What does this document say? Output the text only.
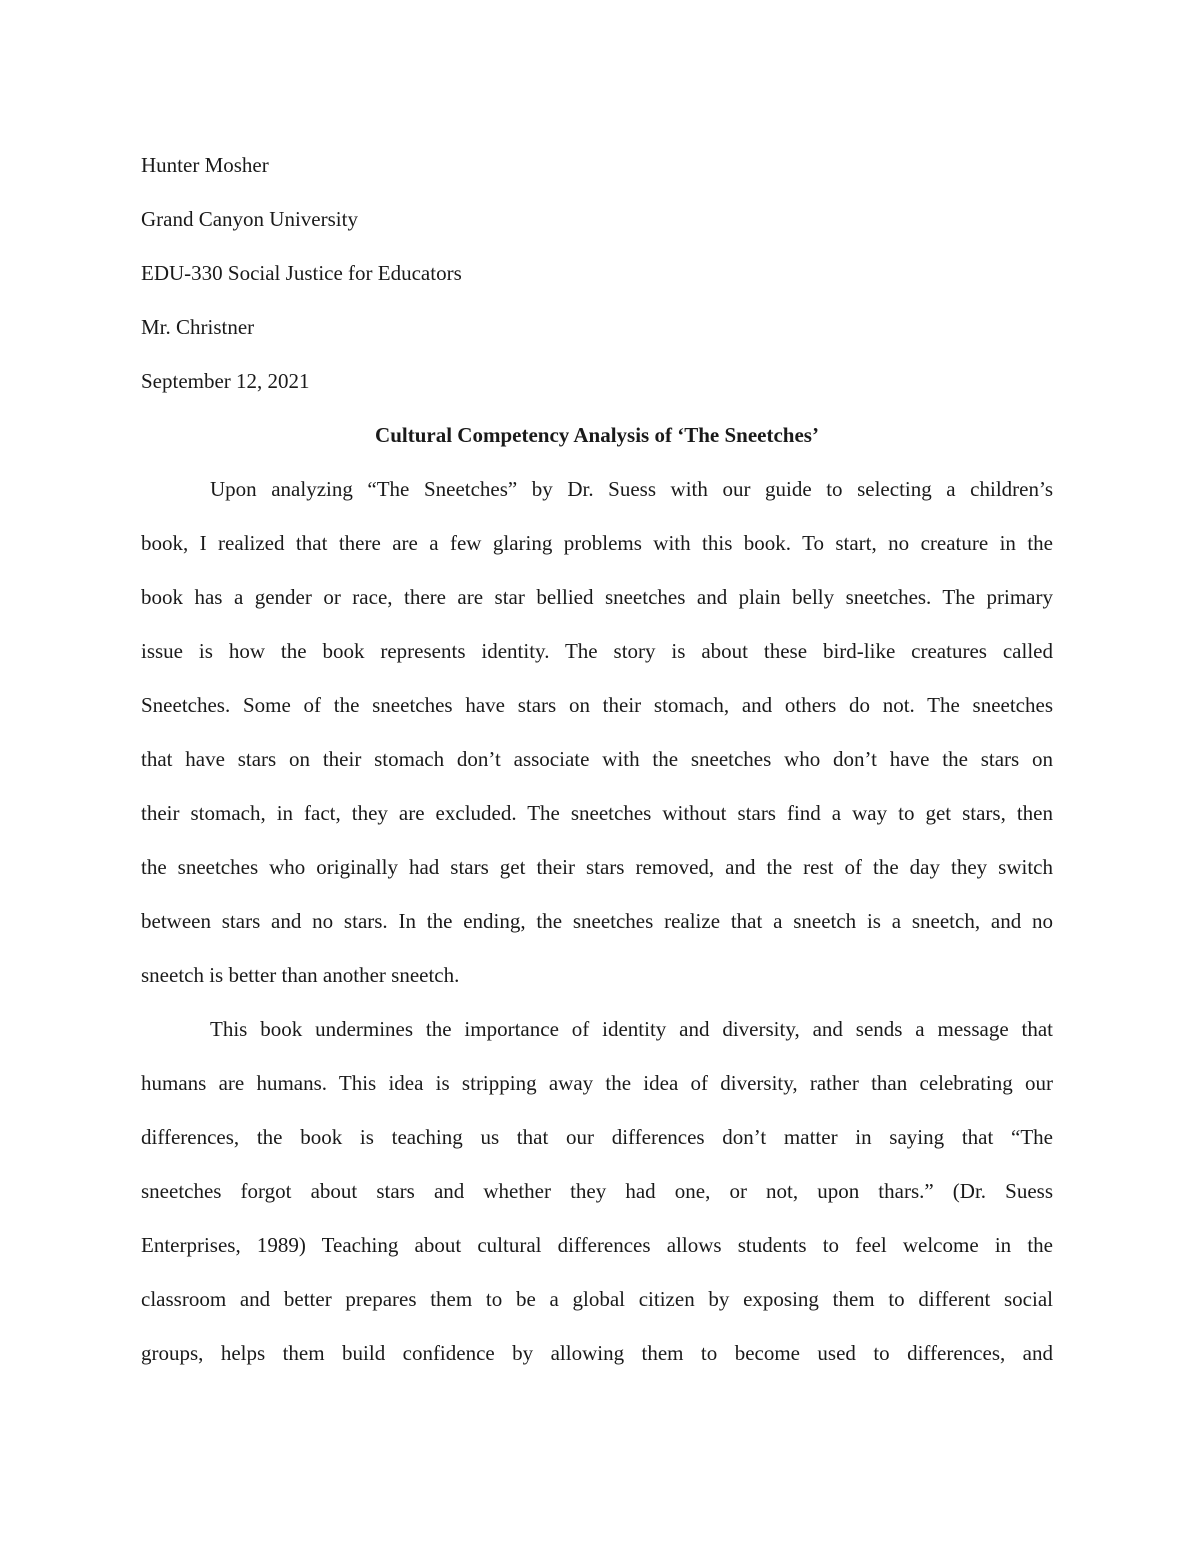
Hunter Mosher

Grand Canyon University

EDU-330 Social Justice for Educators

Mr. Christner

September 12, 2021

Cultural Competency Analysis of ‘The Sneetches’

Upon analyzing “The Sneetches” by Dr. Suess with our guide to selecting a children’s

book, I realized that there are a few glaring problems with this book. To start, no creature in the

book has a gender or race, there are star bellied sneetches and plain belly sneetches. The primary

issue is how the book represents identity. The story is about these bird-like creatures called

Sneetches. Some of the sneetches have stars on their stomach, and others do not. The sneetches

that have stars on their stomach don’t associate with the sneetches who don’t have the stars on

their stomach, in fact, they are excluded. The sneetches without stars find a way to get stars, then

the sneetches who originally had stars get their stars removed, and the rest of the day they switch

between stars and no stars. In the ending, the sneetches realize that a sneetch is a sneetch, and no

sneetch is better than another sneetch.

This book undermines the importance of identity and diversity, and sends a message that

humans are humans. This idea is stripping away the idea of diversity, rather than celebrating our

differences, the book is teaching us that our differences don’t matter in saying that “The

sneetches forgot about stars and whether they had one, or not, upon thars.” (Dr. Suess

Enterprises, 1989) Teaching about cultural differences allows students to feel welcome in the

classroom and better prepares them to be a global citizen by exposing them to different social

groups, helps them build confidence by allowing them to become used to differences, and
